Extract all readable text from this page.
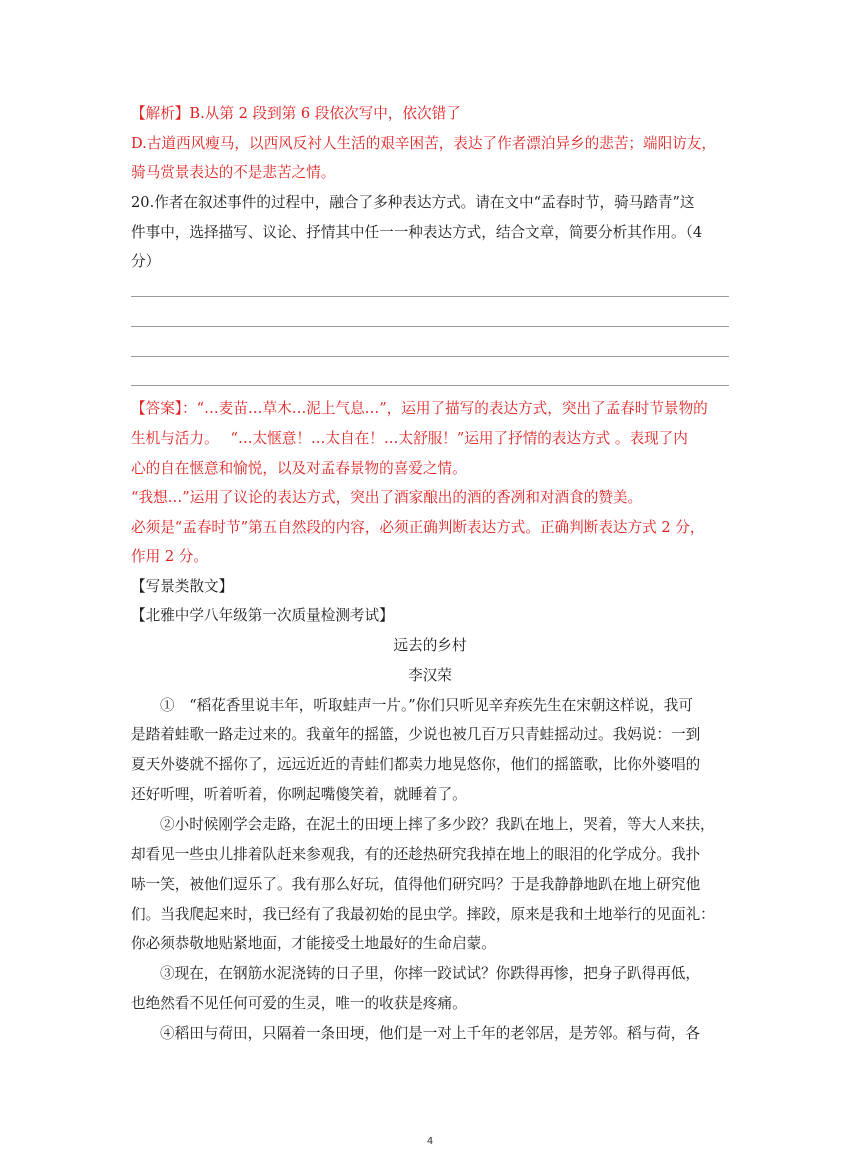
【解析】B.从第 2 段到第 6 段依次写中，依次错了
D.古道西风瘦马，以西风反衬人生活的艰辛困苦，表达了作者漂泊异乡的悲苦；端阳访友，
骑马赏景表达的不是悲苦之情。
20.作者在叙述事件的过程中，融合了多种表达方式。请在文中“孟春时节，骑马踏青”这
件事中，选择描写、议论、抒情其中任一一种表达方式，结合文章，简要分析其作用。（4
分）
【答案】：“…麦苗…草木…泥上气息…”，运用了描写的表达方式，突出了孟春时节景物的
生机与活力。　 “…太惬意！…太自在！…太舒服！”运用了抒情的表达方式 。表现了内
心的自在惬意和愉悦，以及对孟春景物的喜爱之情。
“我想…”运用了议论的表达方式，突出了酒家酿出的酒的香冽和对酒食的赞美。
必须是“孟春时节”第五自然段的内容，必须正确判断表达方式。正确判断表达方式 2 分，
作用 2 分。
【写景类散文】
【北雅中学八年级第一次质量检测考试】
远去的乡村
李汉荣
①　“稻花香里说丰年，听取蛙声一片。”你们只听见辛弃疾先生在宋朝这样说，我可
是踏着蛙歌一路走过来的。我童年的摇篮，少说也被几百万只青蛙摇动过。我妈说：一到
夏天外婆就不摇你了，远远近近的青蛙们都卖力地晃悠你，他们的摇篮歌，比你外婆唱的
还好听哩，听着听着，你咧起嘴傻笑着，就睡着了。
②小时候刚学会走路，在泥土的田埂上摔了多少跤？我趴在地上，哭着，等大人来扶，
却看见一些虫儿排着队赶来参观我，有的还趁热研究我掉在地上的眼泪的化学成分。我扑
哧一笑，被他们逗乐了。我有那么好玩，值得他们研究吗？于是我静静地趴在地上研究他
们。当我爬起来时，我已经有了我最初始的昆虫学。摔跤，原来是我和土地举行的见面礼：
你必须恭敬地贴紧地面，才能接受土地最好的生命启蒙。
③现在，在钢筋水泥浇铸的日子里，你摔一跤试试？你跌得再惨，把身子趴得再低，
也绝然看不见任何可爱的生灵，唯一的收获是疼痛。
④稻田与荷田，只隔着一条田埂，他们是一对上千年的老邻居，是芳邻。稻与荷，各
4
